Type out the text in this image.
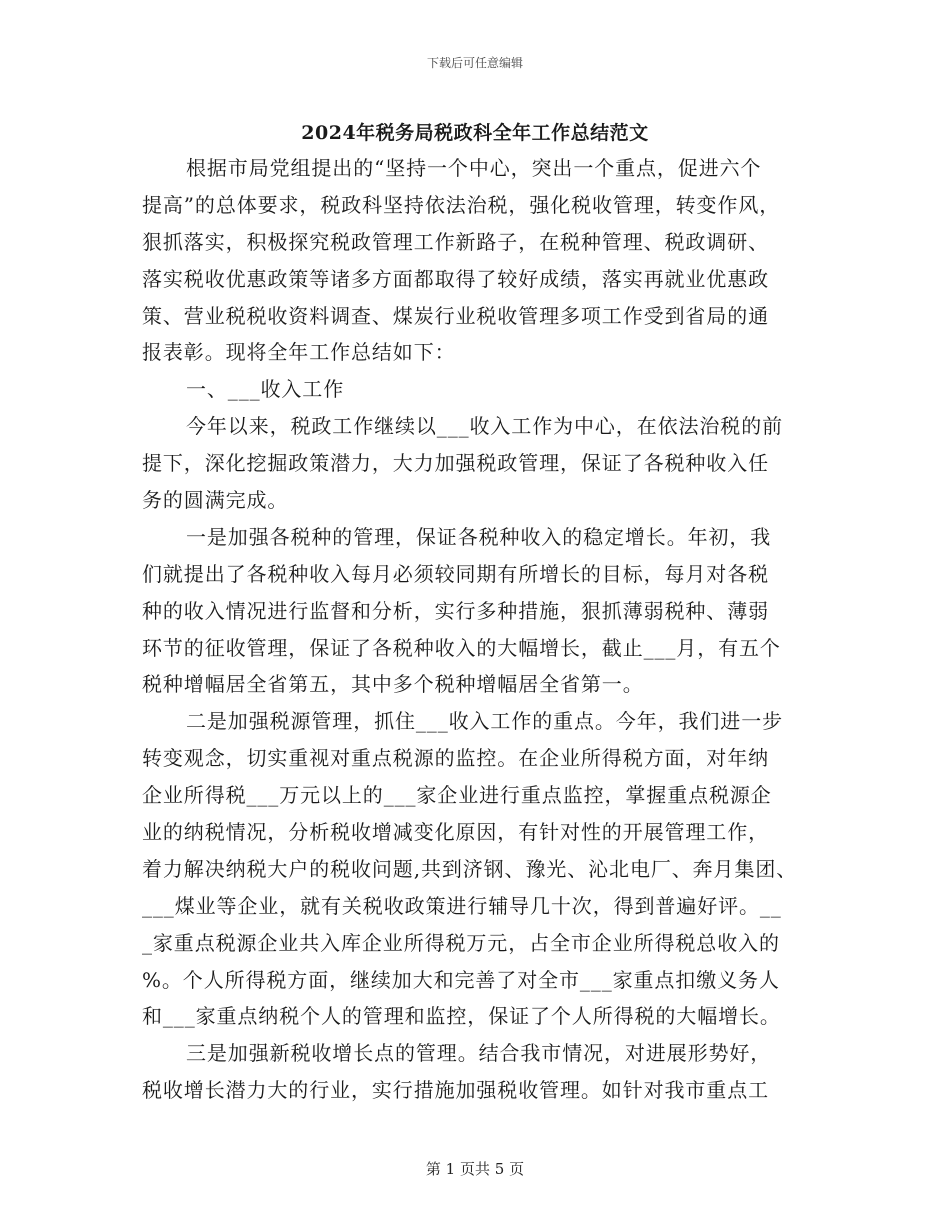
下载后可任意编辑
2024年税务局税政科全年工作总结范文
根据市局党组提出的“坚持一个中心，突出一个重点，促进六个
提高”的总体要求，税政科坚持依法治税，强化税收管理，转变作风，
狠抓落实，积极探究税政管理工作新路子，在税种管理、税政调研、
落实税收优惠政策等诸多方面都取得了较好成绩，落实再就业优惠政
策、营业税税收资料调查、煤炭行业税收管理多项工作受到省局的通
报表彰。现将全年工作总结如下：
一、___收入工作
今年以来，税政工作继续以___收入工作为中心，在依法治税的前
提下，深化挖掘政策潜力，大力加强税政管理，保证了各税种收入任
务的圆满完成。
一是加强各税种的管理，保证各税种收入的稳定增长。年初，我
们就提出了各税种收入每月必须较同期有所增长的目标，每月对各税
种的收入情况进行监督和分析，实行多种措施，狠抓薄弱税种、薄弱
环节的征收管理，保证了各税种收入的大幅增长，截止___月，有五个
税种增幅居全省第五，其中多个税种增幅居全省第一。
二是加强税源管理，抓住___收入工作的重点。今年，我们进一步
转变观念，切实重视对重点税源的监控。在企业所得税方面，对年纳
企业所得税___万元以上的___家企业进行重点监控，掌握重点税源企
业的纳税情况，分析税收增减变化原因，有针对性的开展管理工作，
着力解决纳税大户的税收问题,共到济钢、豫光、沁北电厂、奔月集团、
___煤业等企业，就有关税收政策进行辅导几十次，得到普遍好评。__
_家重点税源企业共入库企业所得税万元，占全市企业所得税总收入的
%。个人所得税方面，继续加大和完善了对全市___家重点扣缴义务人
和___家重点纳税个人的管理和监控，保证了个人所得税的大幅增长。
三是加强新税收增长点的管理。结合我市情况，对进展形势好，
税收增长潜力大的行业，实行措施加强税收管理。如针对我市重点工
第 1 页共 5 页
